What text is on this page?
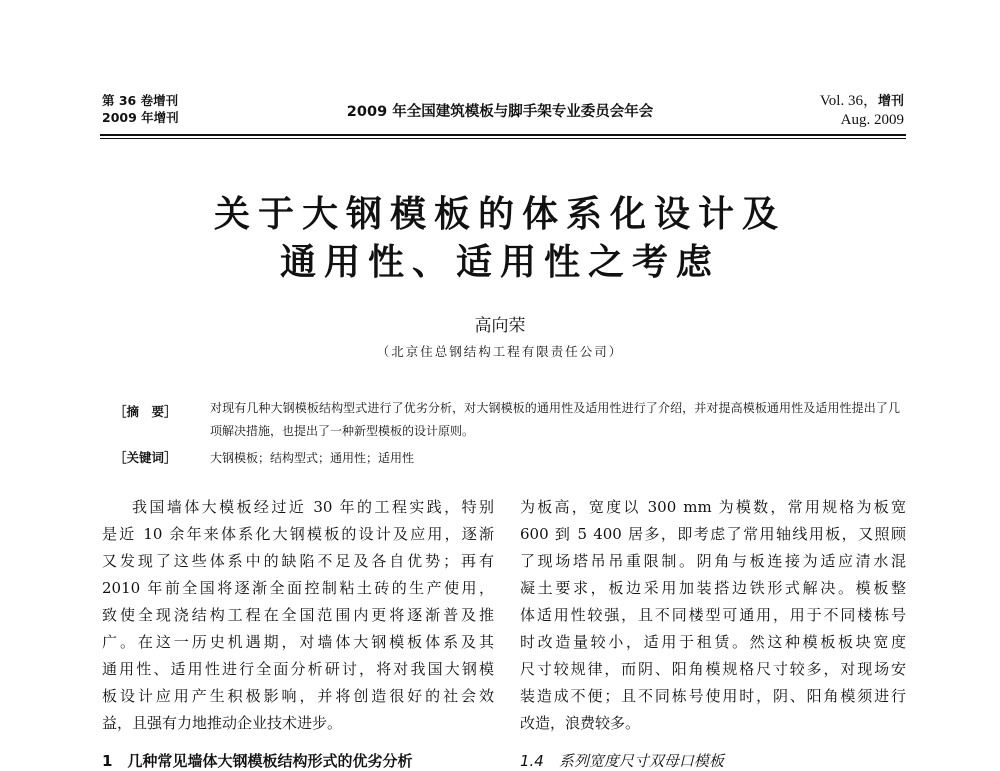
第 36 卷增刊
2009 年增刊	2009 年全国建筑模板与脚手架专业委员会年会
Vol. 36，增刊
Aug. 2009
关于大钢模板的体系化设计及
通用性、适用性之考虑
高向荣
（北京住总钢结构工程有限责任公司）
［摘　要］	对现有几种大钢模板结构型式进行了优劣分析，对大钢模板的通用性及适用性进行了介绍，并对提高模板通用性及适用性提出了几项解决措施，也提出了一种新型模板的设计原则。
［关键词］	大钢模板；结构型式；通用性；适用性
我国墙体大模板经过近 30 年的工程实践，特别
是近 10 余年来体系化大钢模板的设计及应用，逐渐
又发现了这些体系中的缺陷不足及各自优势；再有
2010 年前全国将逐渐全面控制粘土砖的生产使用，
致使全现浇结构工程在全国范围内更将逐渐普及推
广。在这一历史机遇期，对墙体大钢模板体系及其
通用性、适用性进行全面分析研讨，将对我国大钢模
板设计应用产生积极影响，并将创造很好的社会效
益，且强有力地推动企业技术进步。
为板高，宽度以 300 mm 为模数，常用规格为板宽
600 到 5 400 居多，即考虑了常用轴线用板，又照顾
了现场塔吊吊重限制。阴角与板连接为适应清水混
凝土要求，板边采用加装搭边铁形式解决。模板整
体适用性较强，且不同楼型可通用，用于不同楼栋号
时改造量较小，适用于租赁。然这种模板板块宽度
尺寸较规律，而阴、阳角模规格尺寸较多，对现场安
装造成不便；且不同栋号使用时，阴、阳角模须进行
改造，浪费较多。
1　几种常见墙体大钢模板结构形式的优劣分析	1.4　系列宽度尺寸双母口模板
